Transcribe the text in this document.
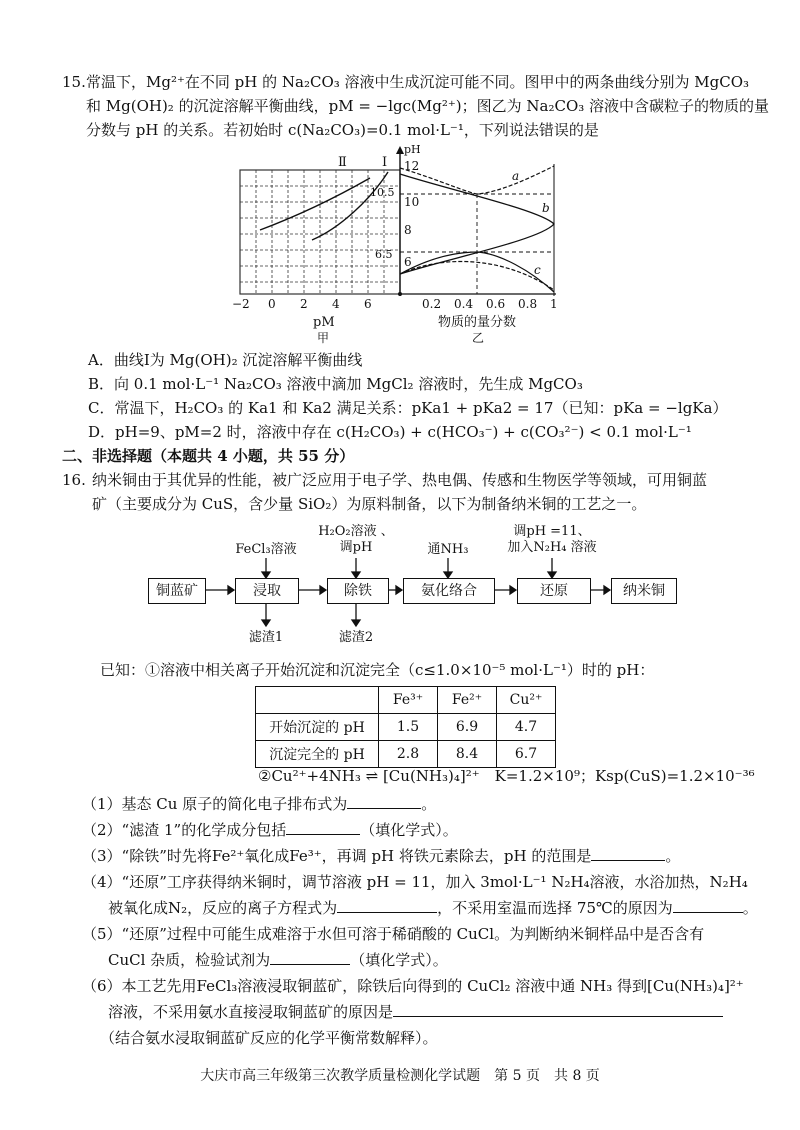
15. 常温下，Mg²⁺在不同 pH 的 Na₂CO₃ 溶液中生成沉淀可能不同。图甲中的两条曲线分别为 MgCO₃
和 Mg(OH)₂ 的沉淀溶解平衡曲线，pM = −lgc(Mg²⁺)；图乙为 Na₂CO₃ 溶液中含碳粒子的物质的量
分数与 pH 的关系。若初始时 c(Na₂CO₃)=0.1 mol·L⁻¹，下列说法错误的是
Ⅱ	Ⅰ
pH
12
10
8
6
10.5
6.5
a
b
c
−2 0 2 4 6	0.2 0.4 0.6 0.8 1
pM
甲
物质的量分数
乙
A．曲线Ⅰ为 Mg(OH)₂ 沉淀溶解平衡曲线
B．向 0.1 mol·L⁻¹ Na₂CO₃ 溶液中滴加 MgCl₂ 溶液时，先生成 MgCO₃
C．常温下，H₂CO₃ 的 Ka1 和 Ka2 满足关系：pKa1 + pKa2 = 17（已知：pKa = −lgKa）
D．pH=9、pM=2 时，溶液中存在 c(H₂CO₃) + c(HCO₃⁻) + c(CO₃²⁻) < 0.1 mol·L⁻¹
二、非选择题（本题共 4 小题，共 55 分）
16. 纳米铜由于其优异的性能，被广泛应用于电子学、热电偶、传感和生物医学等领域，可用铜蓝
矿（主要成分为 CuS，含少量 SiO₂）为原料制备，以下为制备纳米铜的工艺之一。
铜蓝矿	浸取	除铁	氨化络合	还原	纳米铜
FeCl₃溶液
H₂O₂溶液 、
调pH	通NH₃
调pH =11、
加入N₂H₄ 溶液
滤渣1	滤渣2
已知：①溶液中相关离子开始沉淀和沉淀完全（c≤1.0×10⁻⁵ mol·L⁻¹）时的 pH：
	Fe³⁺	Fe²⁺	Cu²⁺
开始沉淀的 pH	1.5	6.9	4.7
沉淀完全的 pH	2.8	8.4	6.7
②Cu²⁺+4NH₃ ⇌ [Cu(NH₃)₄]²⁺　K=1.2×10⁹；Ksp(CuS)=1.2×10⁻³⁶
（1）基态 Cu 原子的简化电子排布式为	。
（2）“滤渣 1”的化学成分包括	（填化学式）。
（3）“除铁”时先将Fe²⁺氧化成Fe³⁺，再调 pH 将铁元素除去，pH 的范围是	。
（4）“还原”工序获得纳米铜时，调节溶液 pH = 11，加入 3mol·L⁻¹ N₂H₄溶液，水浴加热，N₂H₄
被氧化成N₂，反应的离子方程式为	，不采用室温而选择 75℃的原因为	。
（5）“还原”过程中可能生成难溶于水但可溶于稀硝酸的 CuCl。为判断纳米铜样品中是否含有
CuCl 杂质，检验试剂为	（填化学式）。
（6）本工艺先用FeCl₃溶液浸取铜蓝矿，除铁后向得到的 CuCl₂ 溶液中通 NH₃ 得到[Cu(NH₃)₄]²⁺
溶液，不采用氨水直接浸取铜蓝矿的原因是
（结合氨水浸取铜蓝矿反应的化学平衡常数解释）。
大庆市高三年级第三次教学质量检测化学试题　第 5 页　共 8 页
